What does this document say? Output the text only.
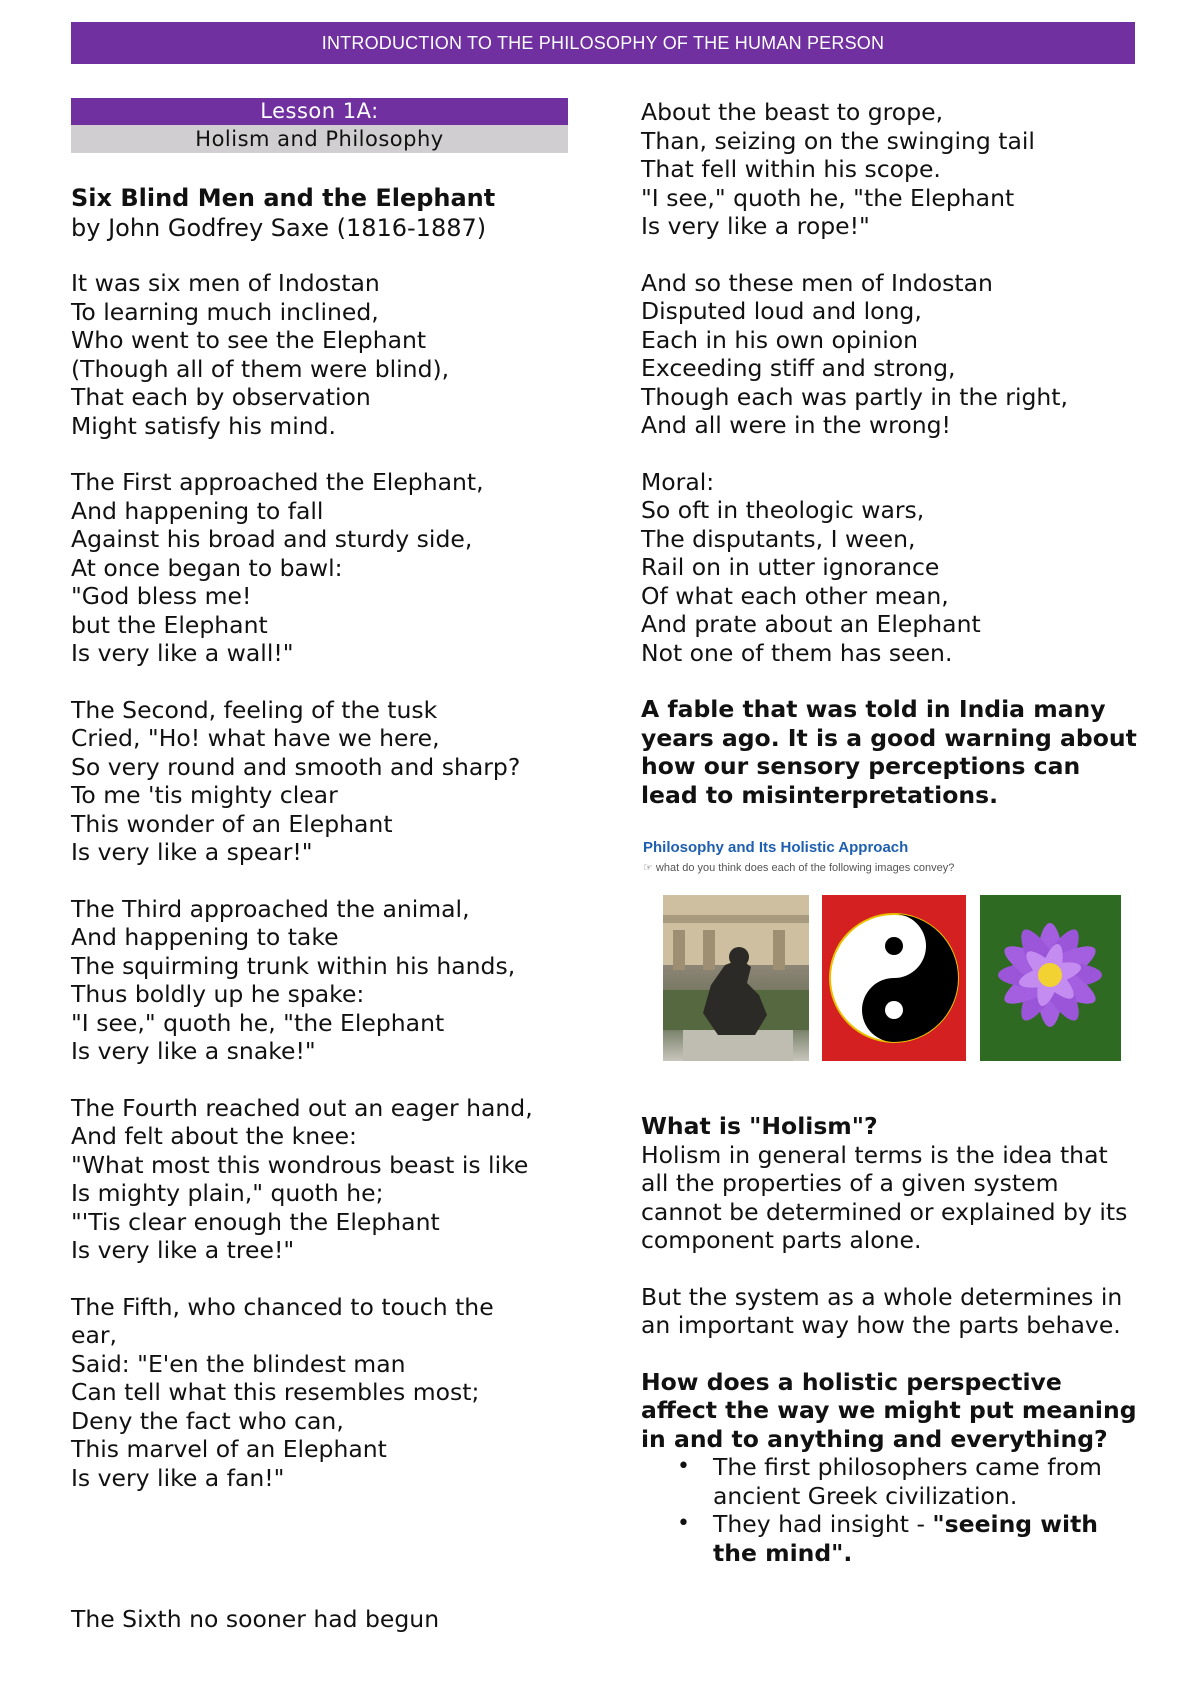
INTRODUCTION TO THE PHILOSOPHY OF THE HUMAN PERSON
Lesson 1A:
Holism and Philosophy
Six Blind Men and the Elephant
by John Godfrey Saxe (1816-1887)
It was six men of Indostan
To learning much inclined,
Who went to see the Elephant
(Though all of them were blind),
That each by observation
Might satisfy his mind.
The First approached the Elephant,
And happening to fall
Against his broad and sturdy side,
At once began to bawl:
"God bless me!
but the Elephant
Is very like a wall!"
The Second, feeling of the tusk
Cried, "Ho! what have we here,
So very round and smooth and sharp?
To me 'tis mighty clear
This wonder of an Elephant
Is very like a spear!"
The Third approached the animal,
And happening to take
The squirming trunk within his hands,
Thus boldly up he spake:
"I see," quoth he, "the Elephant
Is very like a snake!"
The Fourth reached out an eager hand,
And felt about the knee:
"What most this wondrous beast is like
Is mighty plain," quoth he;
"'Tis clear enough the Elephant
Is very like a tree!"
The Fifth, who chanced to touch the ear,
Said: "E'en the blindest man
Can tell what this resembles most;
Deny the fact who can,
This marvel of an Elephant
Is very like a fan!"
The Sixth no sooner had begun
About the beast to grope,
Than, seizing on the swinging tail
That fell within his scope.
"I see," quoth he, "the Elephant
Is very like a rope!"
And so these men of Indostan
Disputed loud and long,
Each in his own opinion
Exceeding stiff and strong,
Though each was partly in the right,
And all were in the wrong!
Moral:
So oft in theologic wars,
The disputants, I ween,
Rail on in utter ignorance
Of what each other mean,
And prate about an Elephant
Not one of them has seen.
A fable that was told in India many years ago. It is a good warning about how our sensory perceptions can lead to misinterpretations.
Philosophy and Its Holistic Approach
☞ what do you think does each of the following images convey?
What is "Holism"?
Holism in general terms is the idea that all the properties of a given system cannot be determined or explained by its component parts alone.
But the system as a whole determines in an important way how the parts behave.
How does a holistic perspective affect the way we might put meaning in and to anything and everything?
• The first philosophers came from ancient Greek civilization.
• They had insight - "seeing with the mind".
